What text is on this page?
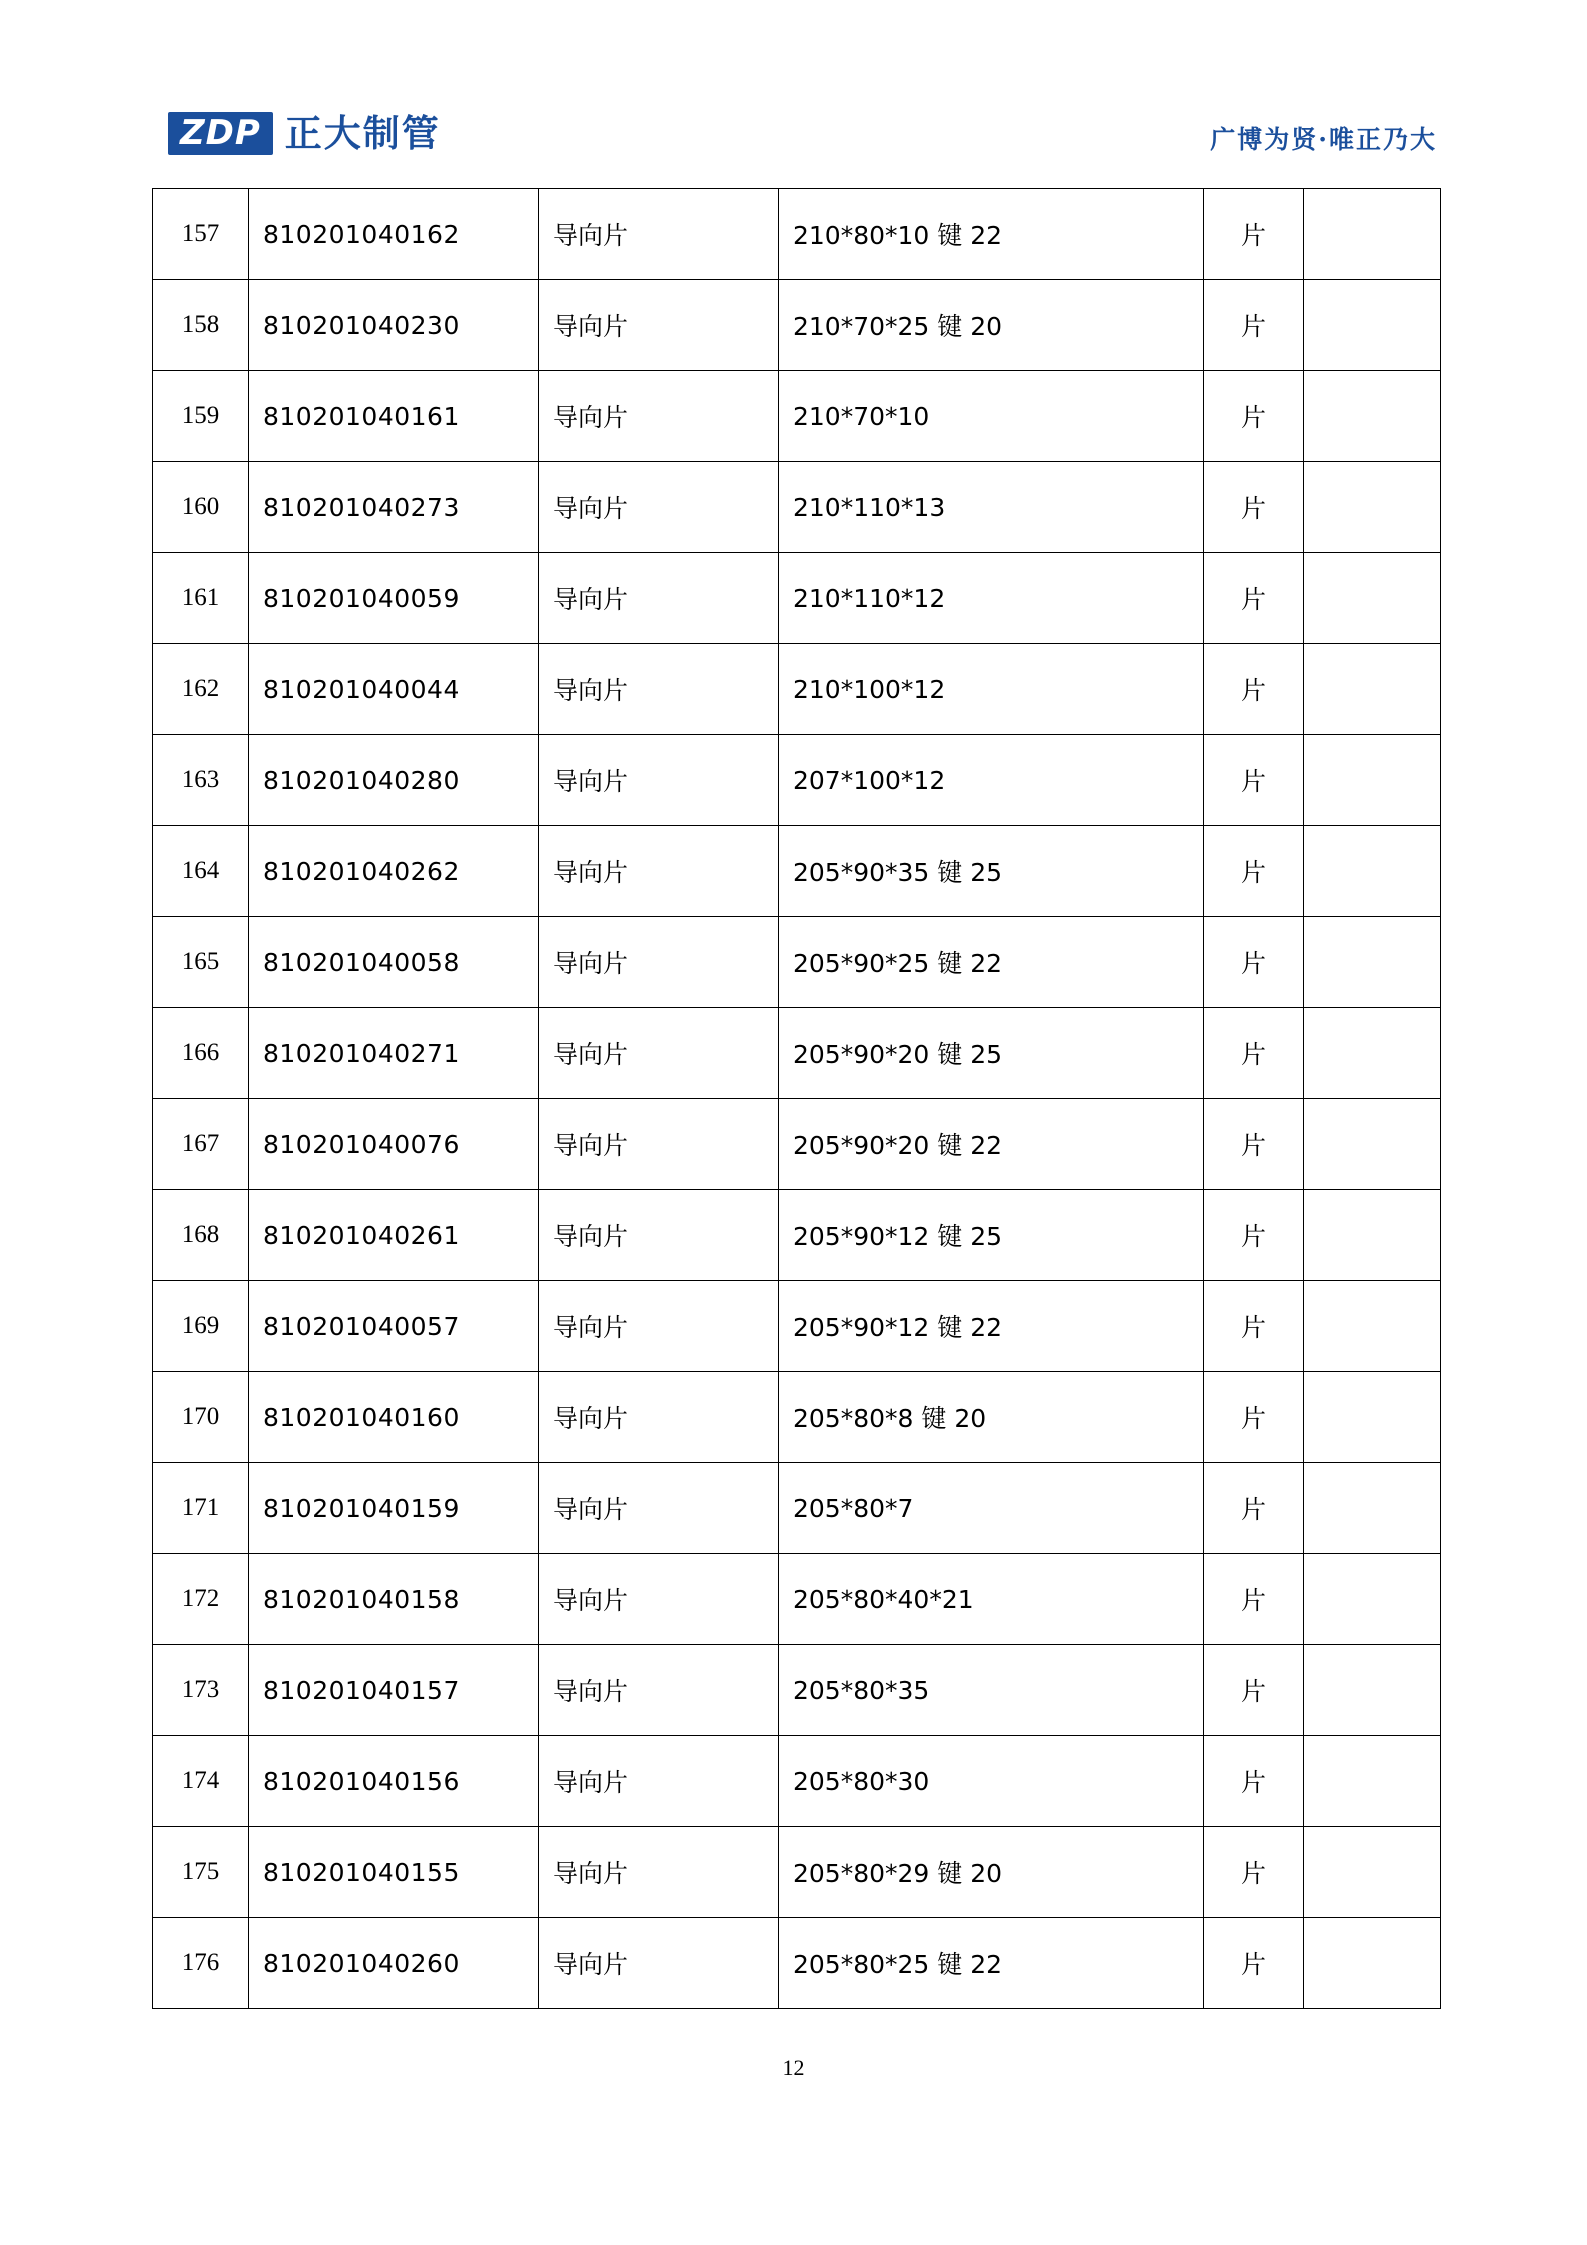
ZDP 正大制管	广博为贤·唯正乃大
157	810201040162	导向片	210*80*10 键 22	片	
158	810201040230	导向片	210*70*25 键 20	片	
159	810201040161	导向片	210*70*10	片	
160	810201040273	导向片	210*110*13	片	
161	810201040059	导向片	210*110*12	片	
162	810201040044	导向片	210*100*12	片	
163	810201040280	导向片	207*100*12	片	
164	810201040262	导向片	205*90*35 键 25	片	
165	810201040058	导向片	205*90*25 键 22	片	
166	810201040271	导向片	205*90*20 键 25	片	
167	810201040076	导向片	205*90*20 键 22	片	
168	810201040261	导向片	205*90*12 键 25	片	
169	810201040057	导向片	205*90*12 键 22	片	
170	810201040160	导向片	205*80*8 键 20	片	
171	810201040159	导向片	205*80*7	片	
172	810201040158	导向片	205*80*40*21	片	
173	810201040157	导向片	205*80*35	片	
174	810201040156	导向片	205*80*30	片	
175	810201040155	导向片	205*80*29 键 20	片	
176	810201040260	导向片	205*80*25 键 22	片	
12
